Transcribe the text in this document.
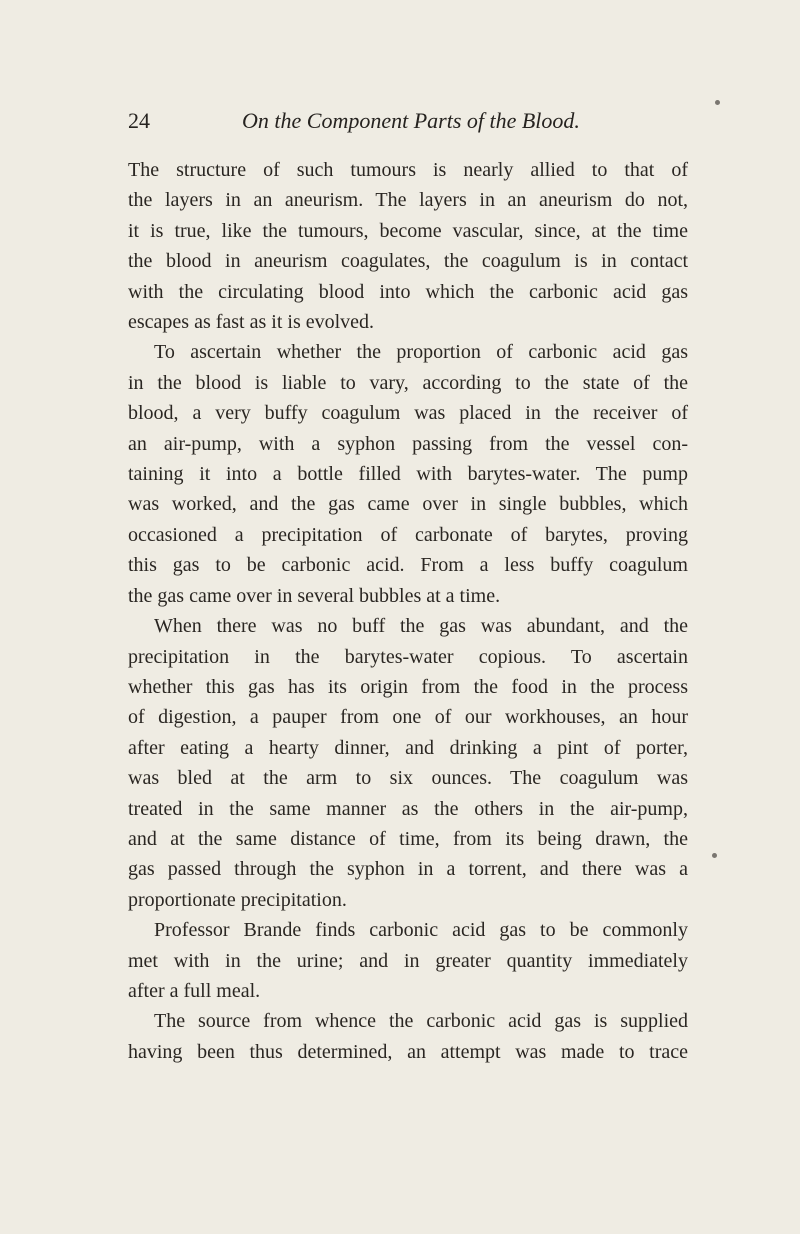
24	On the Component Parts of the Blood.
The structure of such tumours is nearly allied to that of
the layers in an aneurism. The layers in an aneurism do not,
it is true, like the tumours, become vascular, since, at the time
the blood in aneurism coagulates, the coagulum is in contact
with the circulating blood into which the carbonic acid gas
escapes as fast as it is evolved.
To ascertain whether the proportion of carbonic acid gas
in the blood is liable to vary, according to the state of the
blood, a very buffy coagulum was placed in the receiver of
an air-pump, with a syphon passing from the vessel con-
taining it into a bottle filled with barytes-water. The pump
was worked, and the gas came over in single bubbles, which
occasioned a precipitation of carbonate of barytes, proving
this gas to be carbonic acid. From a less buffy coagulum
the gas came over in several bubbles at a time.
When there was no buff the gas was abundant, and the
precipitation in the barytes-water copious. To ascertain
whether this gas has its origin from the food in the process
of digestion, a pauper from one of our workhouses, an hour
after eating a hearty dinner, and drinking a pint of porter,
was bled at the arm to six ounces. The coagulum was
treated in the same manner as the others in the air-pump,
and at the same distance of time, from its being drawn, the
gas passed through the syphon in a torrent, and there was a
proportionate precipitation.
Professor Brande finds carbonic acid gas to be commonly
met with in the urine; and in greater quantity immediately
after a full meal.
The source from whence the carbonic acid gas is supplied
having been thus determined, an attempt was made to trace
